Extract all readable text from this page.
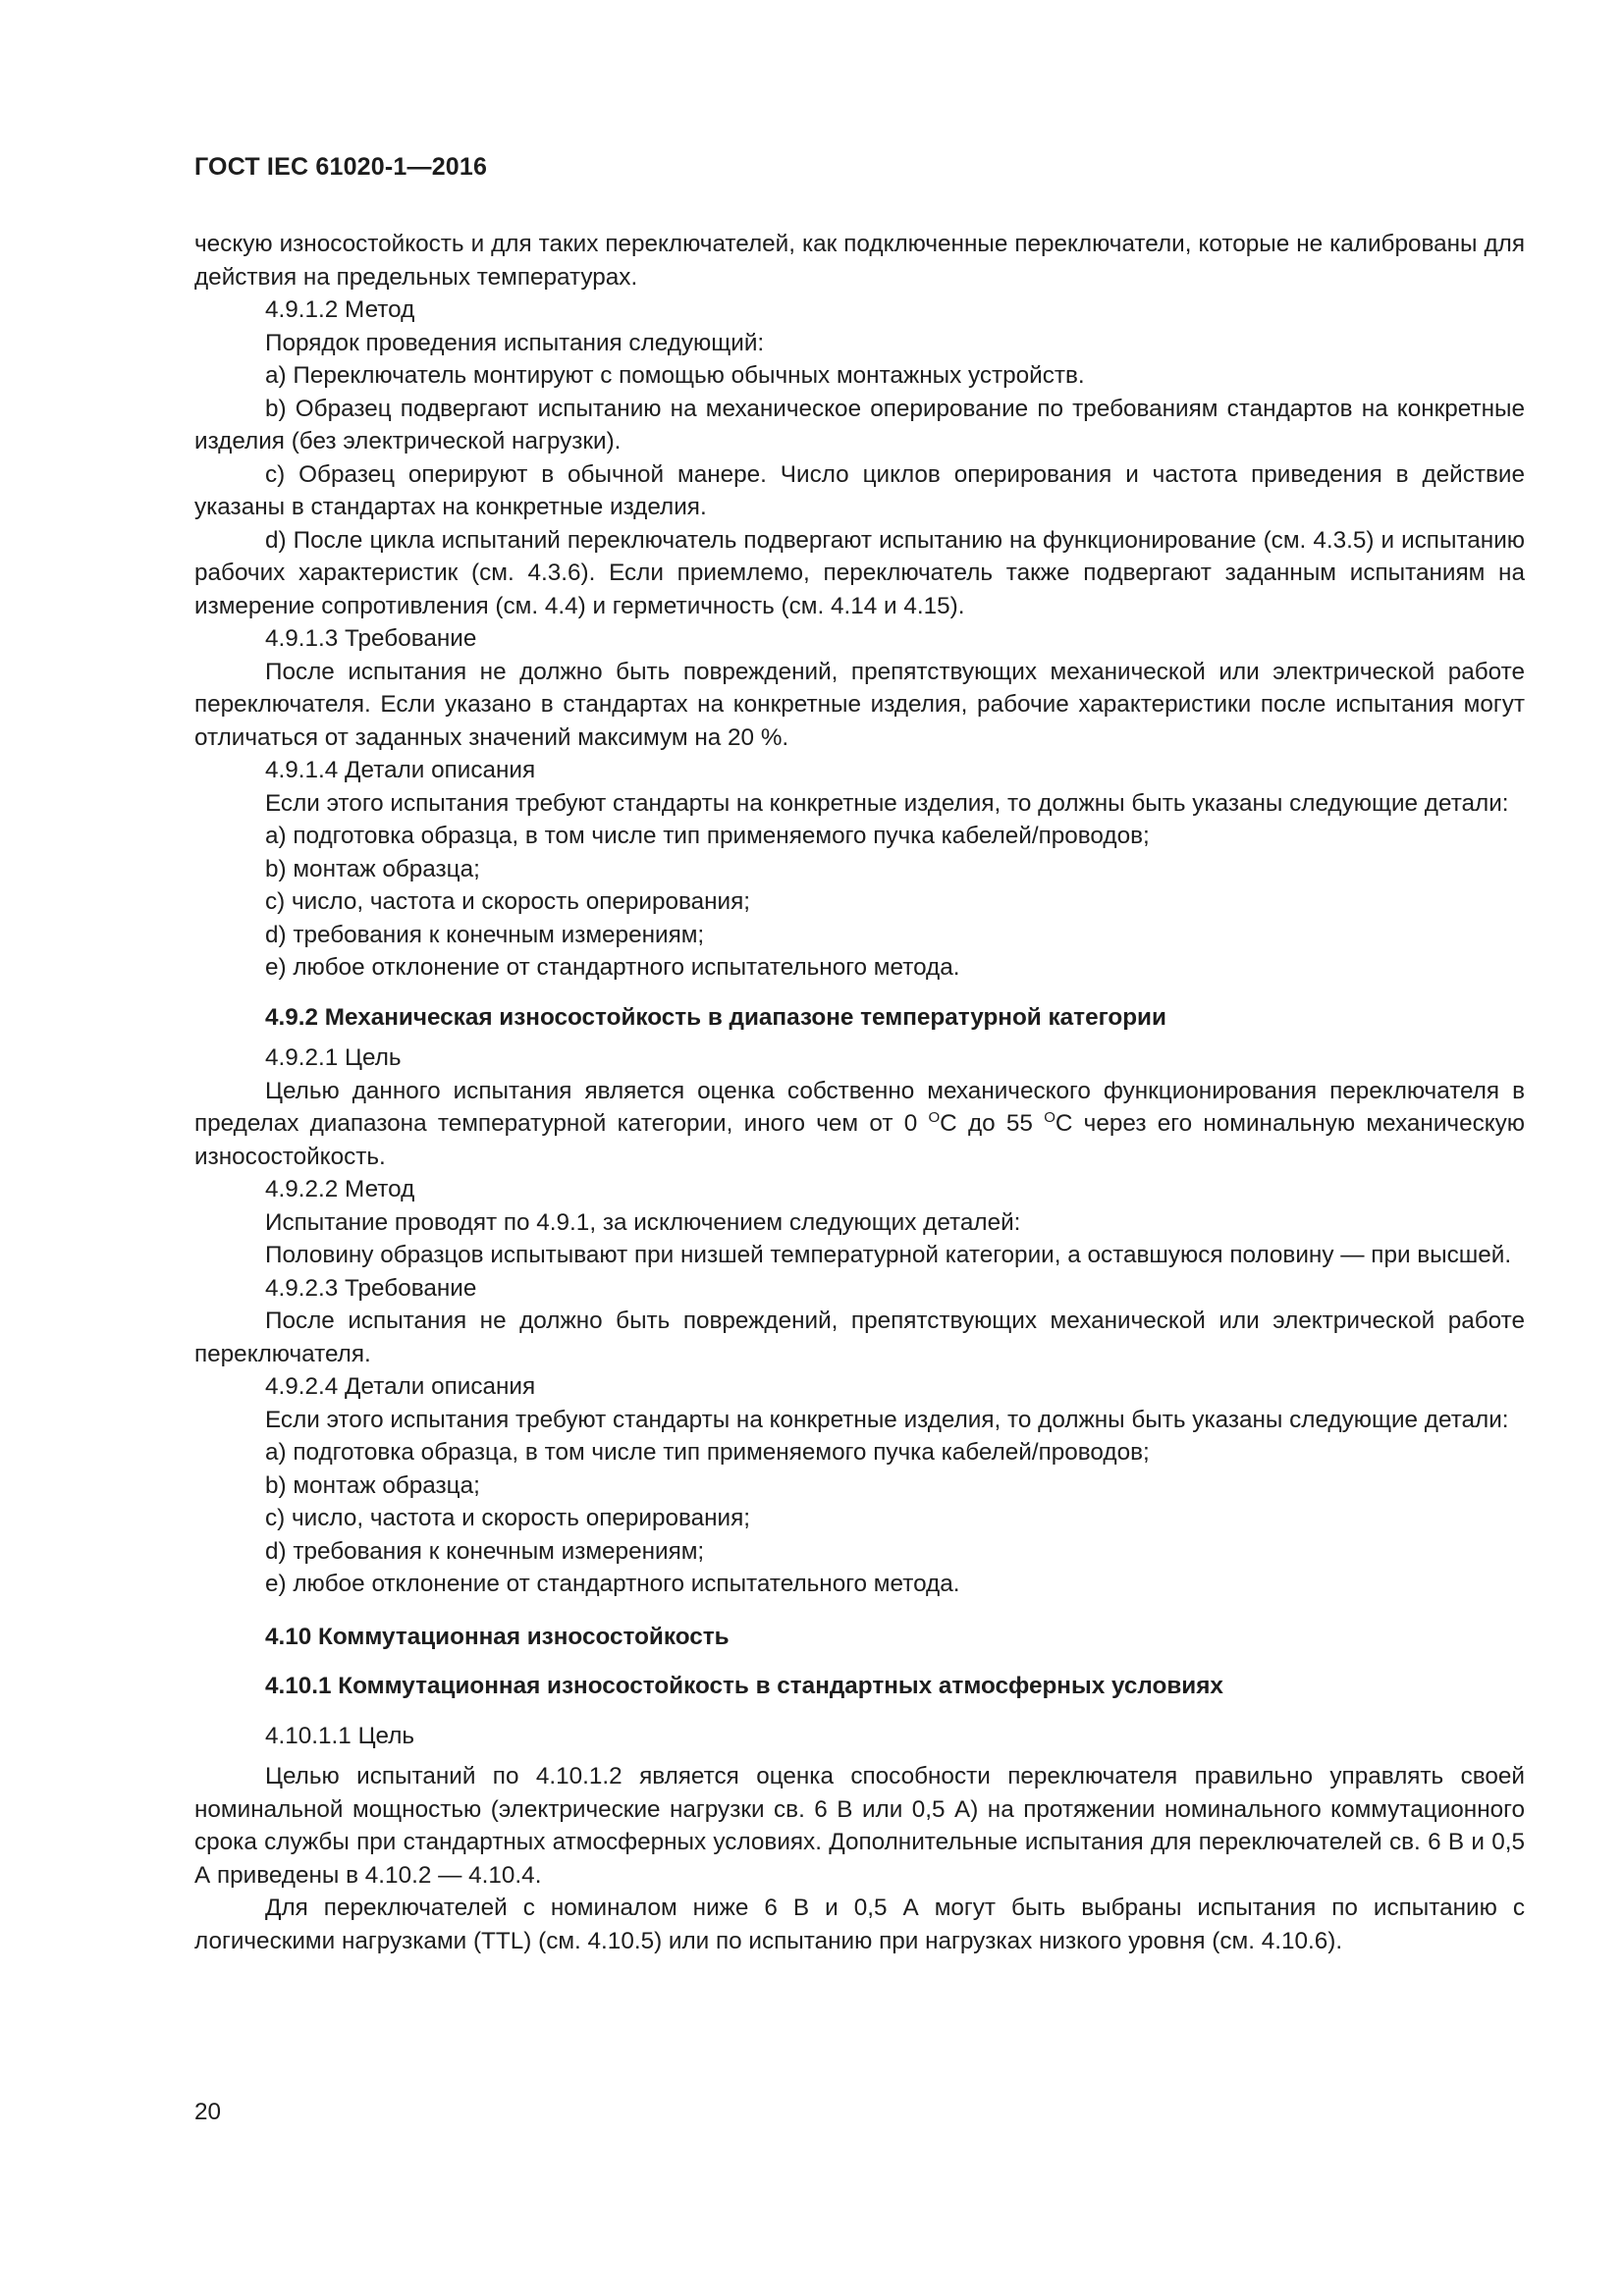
ГОСТ IEC 61020-1—2016

ческую износостойкость и для таких переключателей, как подключенные переключатели, которые не калиброваны для действия на предельных температурах.

4.9.1.2 Метод

Порядок проведения испытания следующий:

a) Переключатель монтируют с помощью обычных монтажных устройств.

b) Образец подвергают испытанию на механическое оперирование по требованиям стандартов на конкретные изделия (без электрической нагрузки).

c) Образец оперируют в обычной манере. Число циклов оперирования и частота приведения в действие указаны в стандартах на конкретные изделия.

d) После цикла испытаний переключатель подвергают испытанию на функционирование (см. 4.3.5) и испытанию рабочих характеристик (см. 4.3.6). Если приемлемо, переключатель также подвергают заданным испытаниям на измерение сопротивления (см. 4.4) и герметичность (см. 4.14 и 4.15).

4.9.1.3 Требование

После испытания не должно быть повреждений, препятствующих механической или электрической работе переключателя. Если указано в стандартах на конкретные изделия, рабочие характеристики после испытания могут отличаться от заданных значений максимум на 20 %.

4.9.1.4 Детали описания

Если этого испытания требуют стандарты на конкретные изделия, то должны быть указаны следующие детали:

a) подготовка образца, в том числе тип применяемого пучка кабелей/проводов;

b) монтаж образца;

c) число, частота и скорость оперирования;

d) требования к конечным измерениям;

e) любое отклонение от стандартного испытательного метода.

4.9.2 Механическая износостойкость в диапазоне температурной категории

4.9.2.1 Цель

Целью данного испытания является оценка собственно механического функционирования переключателя в пределах диапазона температурной категории, иного чем от 0 $^O$С до 55 $^O$С через его номинальную механическую износостойкость.

4.9.2.2 Метод

Испытание проводят по 4.9.1, за исключением следующих деталей:

Половину образцов испытывают при низшей температурной категории, а оставшуюся половину — при высшей.

4.9.2.3 Требование

После испытания не должно быть повреждений, препятствующих механической или электрической работе переключателя.

4.9.2.4 Детали описания

Если этого испытания требуют стандарты на конкретные изделия, то должны быть указаны следующие детали:

a) подготовка образца, в том числе тип применяемого пучка кабелей/проводов;

b) монтаж образца;

c) число, частота и скорость оперирования;

d) требования к конечным измерениям;

e) любое отклонение от стандартного испытательного метода.

4.10 Коммутационная износостойкость

4.10.1 Коммутационная износостойкость в стандартных атмосферных условиях

4.10.1.1 Цель

Целью испытаний по 4.10.1.2 является оценка способности переключателя правильно управлять своей номинальной мощностью (электрические нагрузки св. 6 В или 0,5 А) на протяжении номинального коммутационного срока службы при стандартных атмосферных условиях. Дополнительные испытания для переключателей св. 6 В и 0,5 А приведены в 4.10.2 — 4.10.4.

Для переключателей с номиналом ниже 6 В и 0,5 А могут быть выбраны испытания по испытанию с логическими нагрузками (TTL) (см. 4.10.5) или по испытанию при нагрузках низкого уровня (см. 4.10.6).

20
